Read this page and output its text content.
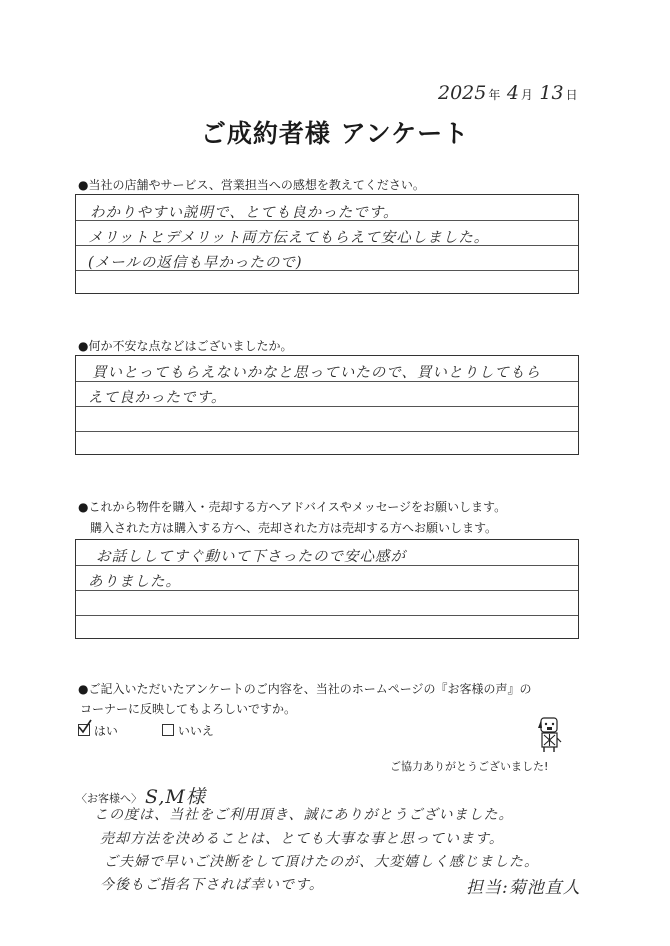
2025 年 4 月 13 日
ご成約者様 アンケート
●当社の店舗やサービス、営業担当への感想を教えてください。
わかりやすい説明で、とても良かったです。
メリットとデメリット両方伝えてもらえて安心しました。
(メールの返信も早かったので)
●何か不安な点などはございましたか。
買いとってもらえないかなと思っていたので、買いとりしてもら
えて良かったです。
●これから物件を購入・売却する方へアドバイスやメッセージをお願いします。
購入された方は購入する方へ、売却された方は売却する方へお願いします。
お話ししてすぐ動いて下さったので安心感が
ありました。
●ご記入いただいたアンケートのご内容を、当社のホームページの『お客様の声』の
コーナーに反映してもよろしいですか。
はい	いいえ
ご協力ありがとうございました!
〈お客様へ〉 S,M様
この度は、当社をご利用頂き、誠にありがとうございました。
売却方法を決めることは、とても大事な事と思っています。
ご夫婦で早いご決断をして頂けたのが、大変嬉しく感じました。
今後もご指名下されば幸いです。	担当:菊池直人
